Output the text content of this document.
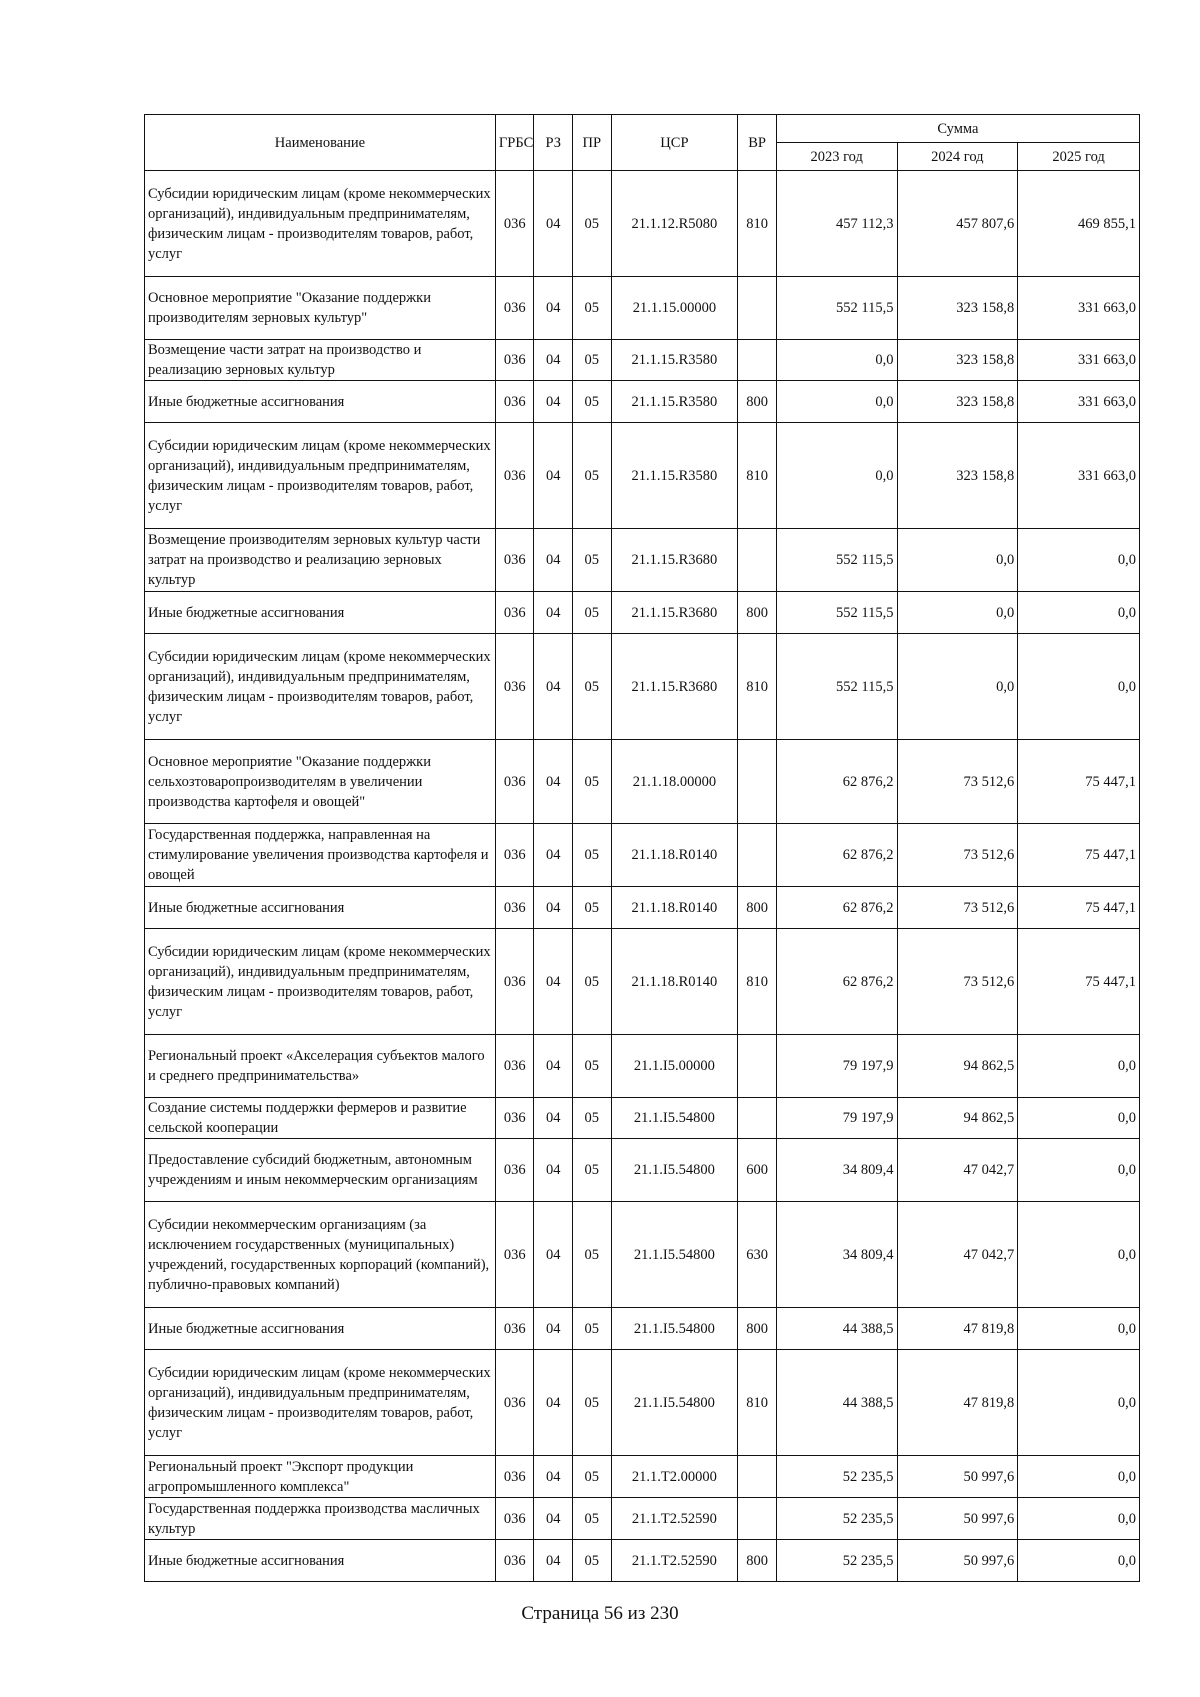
Наименование	ГРБС	РЗ	ПР	ЦСР	ВР	Сумма		
						2023 год	2024 год	2025 год
Субсидии юридическим лицам (кроме некоммерческих организаций), индивидуальным предпринимателям, физическим лицам - производителям товаров, работ, услуг	036	04	05	21.1.12.R5080	810	457 112,3	457 807,6	469 855,1
Основное мероприятие "Оказание поддержки производителям зерновых культур"	036	04	05	21.1.15.00000		552 115,5	323 158,8	331 663,0
Возмещение части затрат на производство и реализацию зерновых культур	036	04	05	21.1.15.R3580		0,0	323 158,8	331 663,0
Иные бюджетные ассигнования	036	04	05	21.1.15.R3580	800	0,0	323 158,8	331 663,0
Субсидии юридическим лицам (кроме некоммерческих организаций), индивидуальным предпринимателям, физическим лицам - производителям товаров, работ, услуг	036	04	05	21.1.15.R3580	810	0,0	323 158,8	331 663,0
Возмещение производителям зерновых культур части затрат на производство и реализацию зерновых культур	036	04	05	21.1.15.R3680		552 115,5	0,0	0,0
Иные бюджетные ассигнования	036	04	05	21.1.15.R3680	800	552 115,5	0,0	0,0
Субсидии юридическим лицам (кроме некоммерческих организаций), индивидуальным предпринимателям, физическим лицам - производителям товаров, работ, услуг	036	04	05	21.1.15.R3680	810	552 115,5	0,0	0,0
Основное мероприятие "Оказание поддержки сельхозтоваропроизводителям в увеличении производства картофеля и овощей"	036	04	05	21.1.18.00000		62 876,2	73 512,6	75 447,1
Государственная поддержка, направленная на стимулирование увеличения производства картофеля и овощей	036	04	05	21.1.18.R0140		62 876,2	73 512,6	75 447,1
Иные бюджетные ассигнования	036	04	05	21.1.18.R0140	800	62 876,2	73 512,6	75 447,1
Субсидии юридическим лицам (кроме некоммерческих организаций), индивидуальным предпринимателям, физическим лицам - производителям товаров, работ, услуг	036	04	05	21.1.18.R0140	810	62 876,2	73 512,6	75 447,1
Региональный проект «Акселерация субъектов малого и среднего предпринимательства»	036	04	05	21.1.I5.00000		79 197,9	94 862,5	0,0
Создание системы поддержки фермеров и развитие сельской кооперации	036	04	05	21.1.I5.54800		79 197,9	94 862,5	0,0
Предоставление субсидий бюджетным, автономным учреждениям и иным некоммерческим организациям	036	04	05	21.1.I5.54800	600	34 809,4	47 042,7	0,0
Субсидии некоммерческим организациям (за исключением государственных (муниципальных) учреждений, государственных корпораций (компаний), публично-правовых компаний)	036	04	05	21.1.I5.54800	630	34 809,4	47 042,7	0,0
Иные бюджетные ассигнования	036	04	05	21.1.I5.54800	800	44 388,5	47 819,8	0,0
Субсидии юридическим лицам (кроме некоммерческих организаций), индивидуальным предпринимателям, физическим лицам - производителям товаров, работ, услуг	036	04	05	21.1.I5.54800	810	44 388,5	47 819,8	0,0
Региональный проект "Экспорт продукции агропромышленного комплекса"	036	04	05	21.1.T2.00000		52 235,5	50 997,6	0,0
Государственная поддержка производства масличных культур	036	04	05	21.1.T2.52590		52 235,5	50 997,6	0,0
Иные бюджетные ассигнования	036	04	05	21.1.T2.52590	800	52 235,5	50 997,6	0,0
Страница 56 из 230
